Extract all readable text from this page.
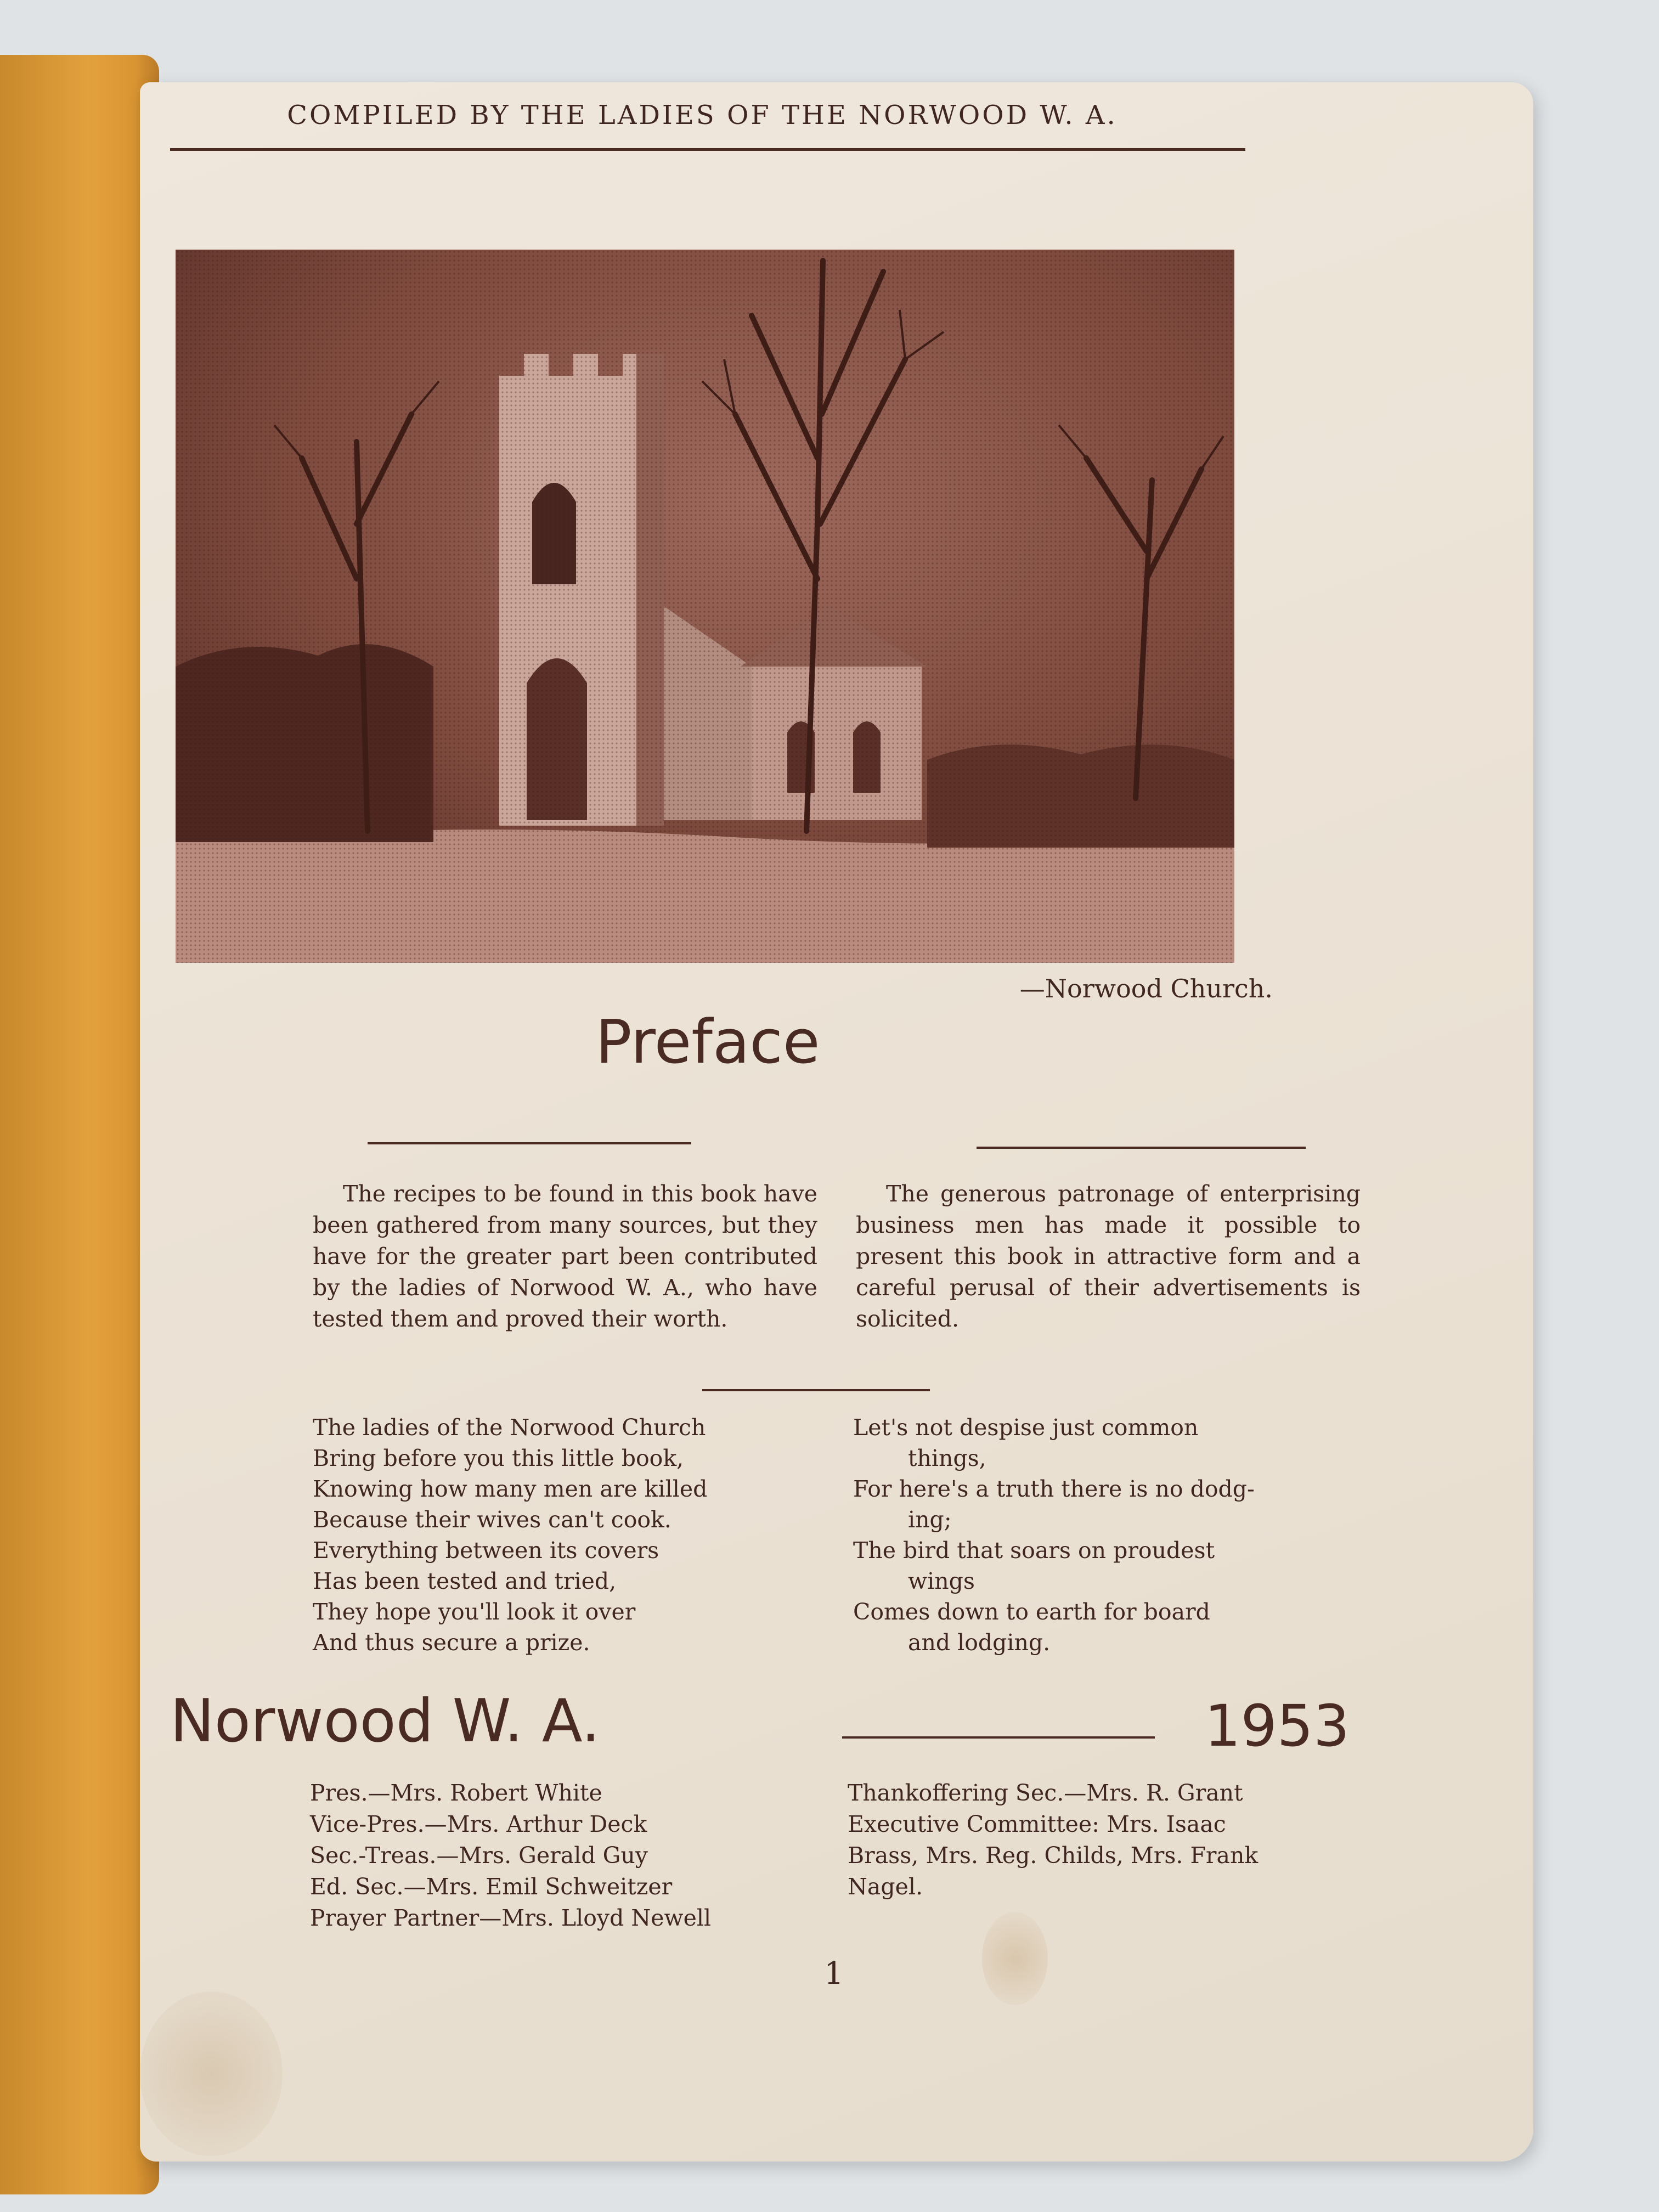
COMPILED BY THE LADIES OF THE NORWOOD W. A.
—Norwood Church.
Preface
The recipes to be found in this book have been gathered from many sources, but they have for the greater part been contributed by the ladies of Norwood W. A., who have tested them and proved their worth.
The generous patronage of enterprising business men has made it possible to present this book in attractive form and a careful perusal of their advertisements is solicited.
The ladies of the Norwood Church
Bring before you this little book,
Knowing how many men are killed
Because their wives can't cook.
Everything between its covers
Has been tested and tried,
They hope you'll look it over
And thus secure a prize.
Let's not despise just common
things,
For here's a truth there is no dodg-
ing;
The bird that soars on proudest
wings
Comes down to earth for board
and lodging.
Norwood W. A.	1953
Pres.—Mrs. Robert White
Vice-Pres.—Mrs. Arthur Deck
Sec.-Treas.—Mrs. Gerald Guy
Ed. Sec.—Mrs. Emil Schweitzer
Prayer Partner—Mrs. Lloyd Newell
Thankoffering Sec.—Mrs. R. Grant
Executive Committee: Mrs. Isaac
Brass, Mrs. Reg. Childs, Mrs. Frank
Nagel.
1
